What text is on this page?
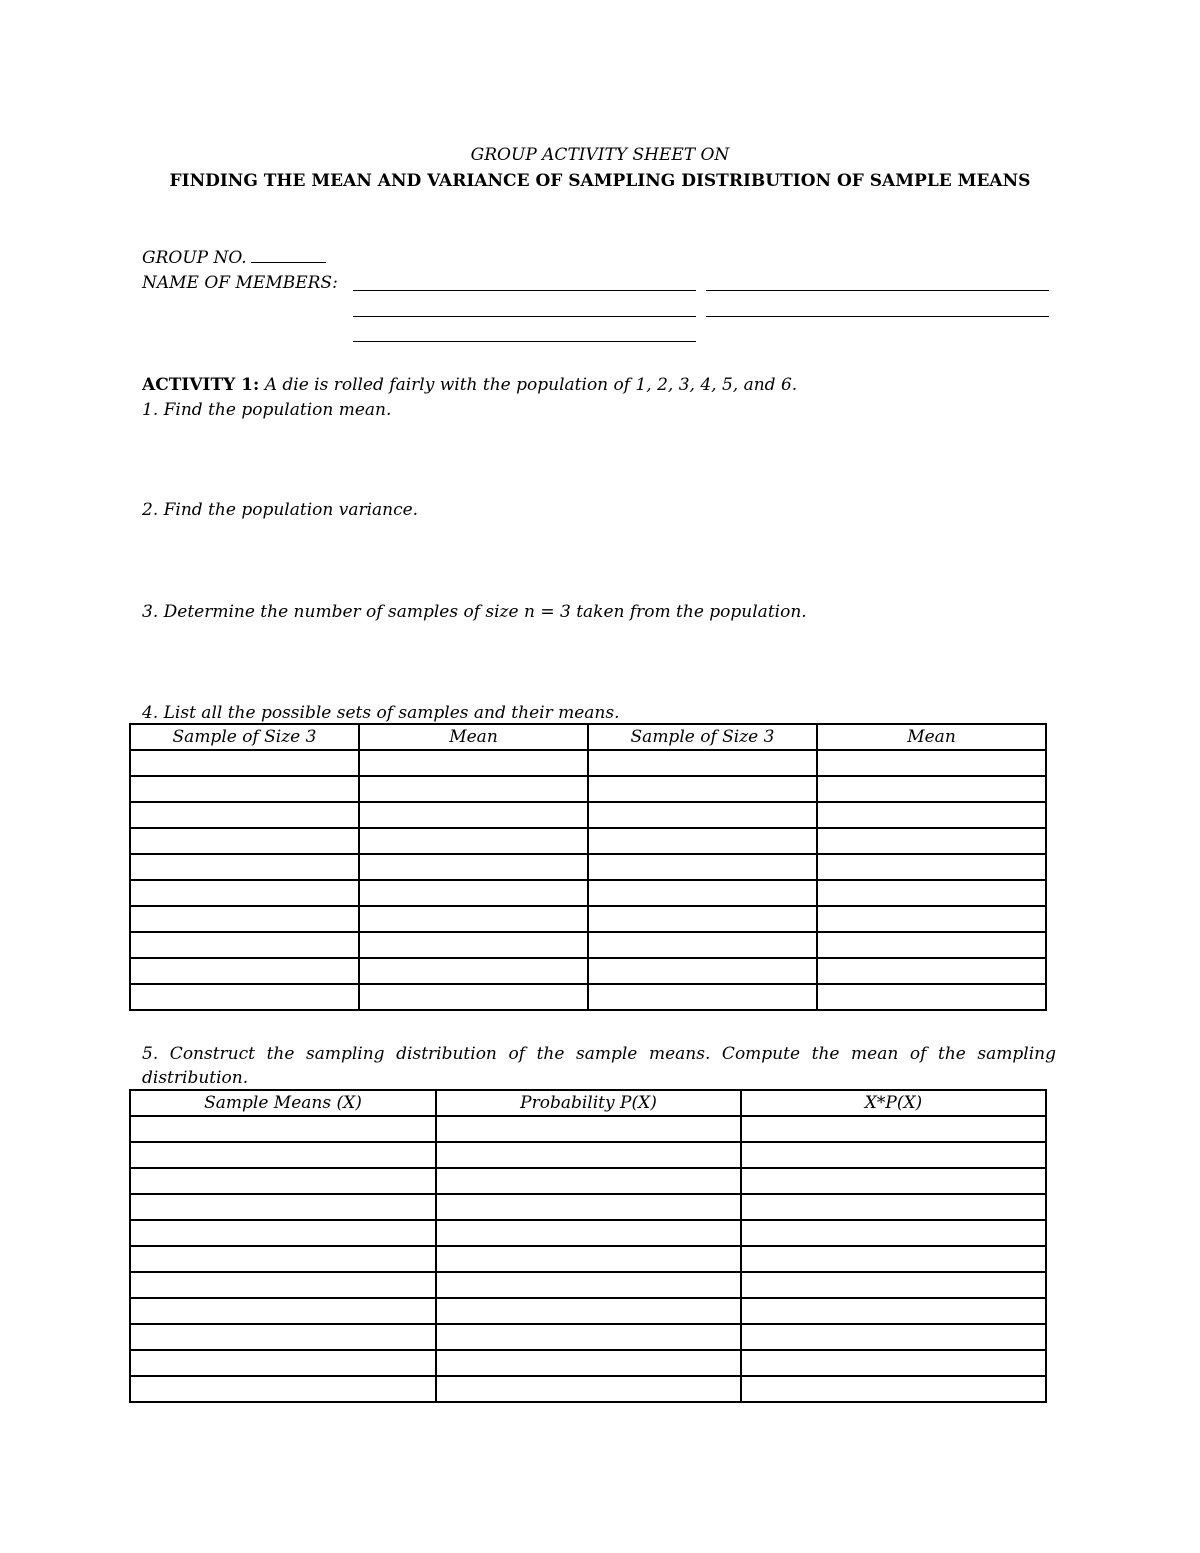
GROUP ACTIVITY SHEET ON
FINDING THE MEAN AND VARIANCE OF SAMPLING DISTRIBUTION OF SAMPLE MEANS
GROUP NO.
NAME OF MEMBERS:
ACTIVITY 1: A die is rolled fairly with the population of 1, 2, 3, 4, 5, and 6.
1. Find the population mean.
2. Find the population variance.
3. Determine the number of samples of size n = 3 taken from the population.
4. List all the possible sets of samples and their means.
Sample of Size 3	Mean	Sample of Size 3	Mean

5. Construct the sampling distribution of the sample means. Compute the mean of the sampling distribution.
Sample Means (X)	Probability P(X)	X*P(X)
